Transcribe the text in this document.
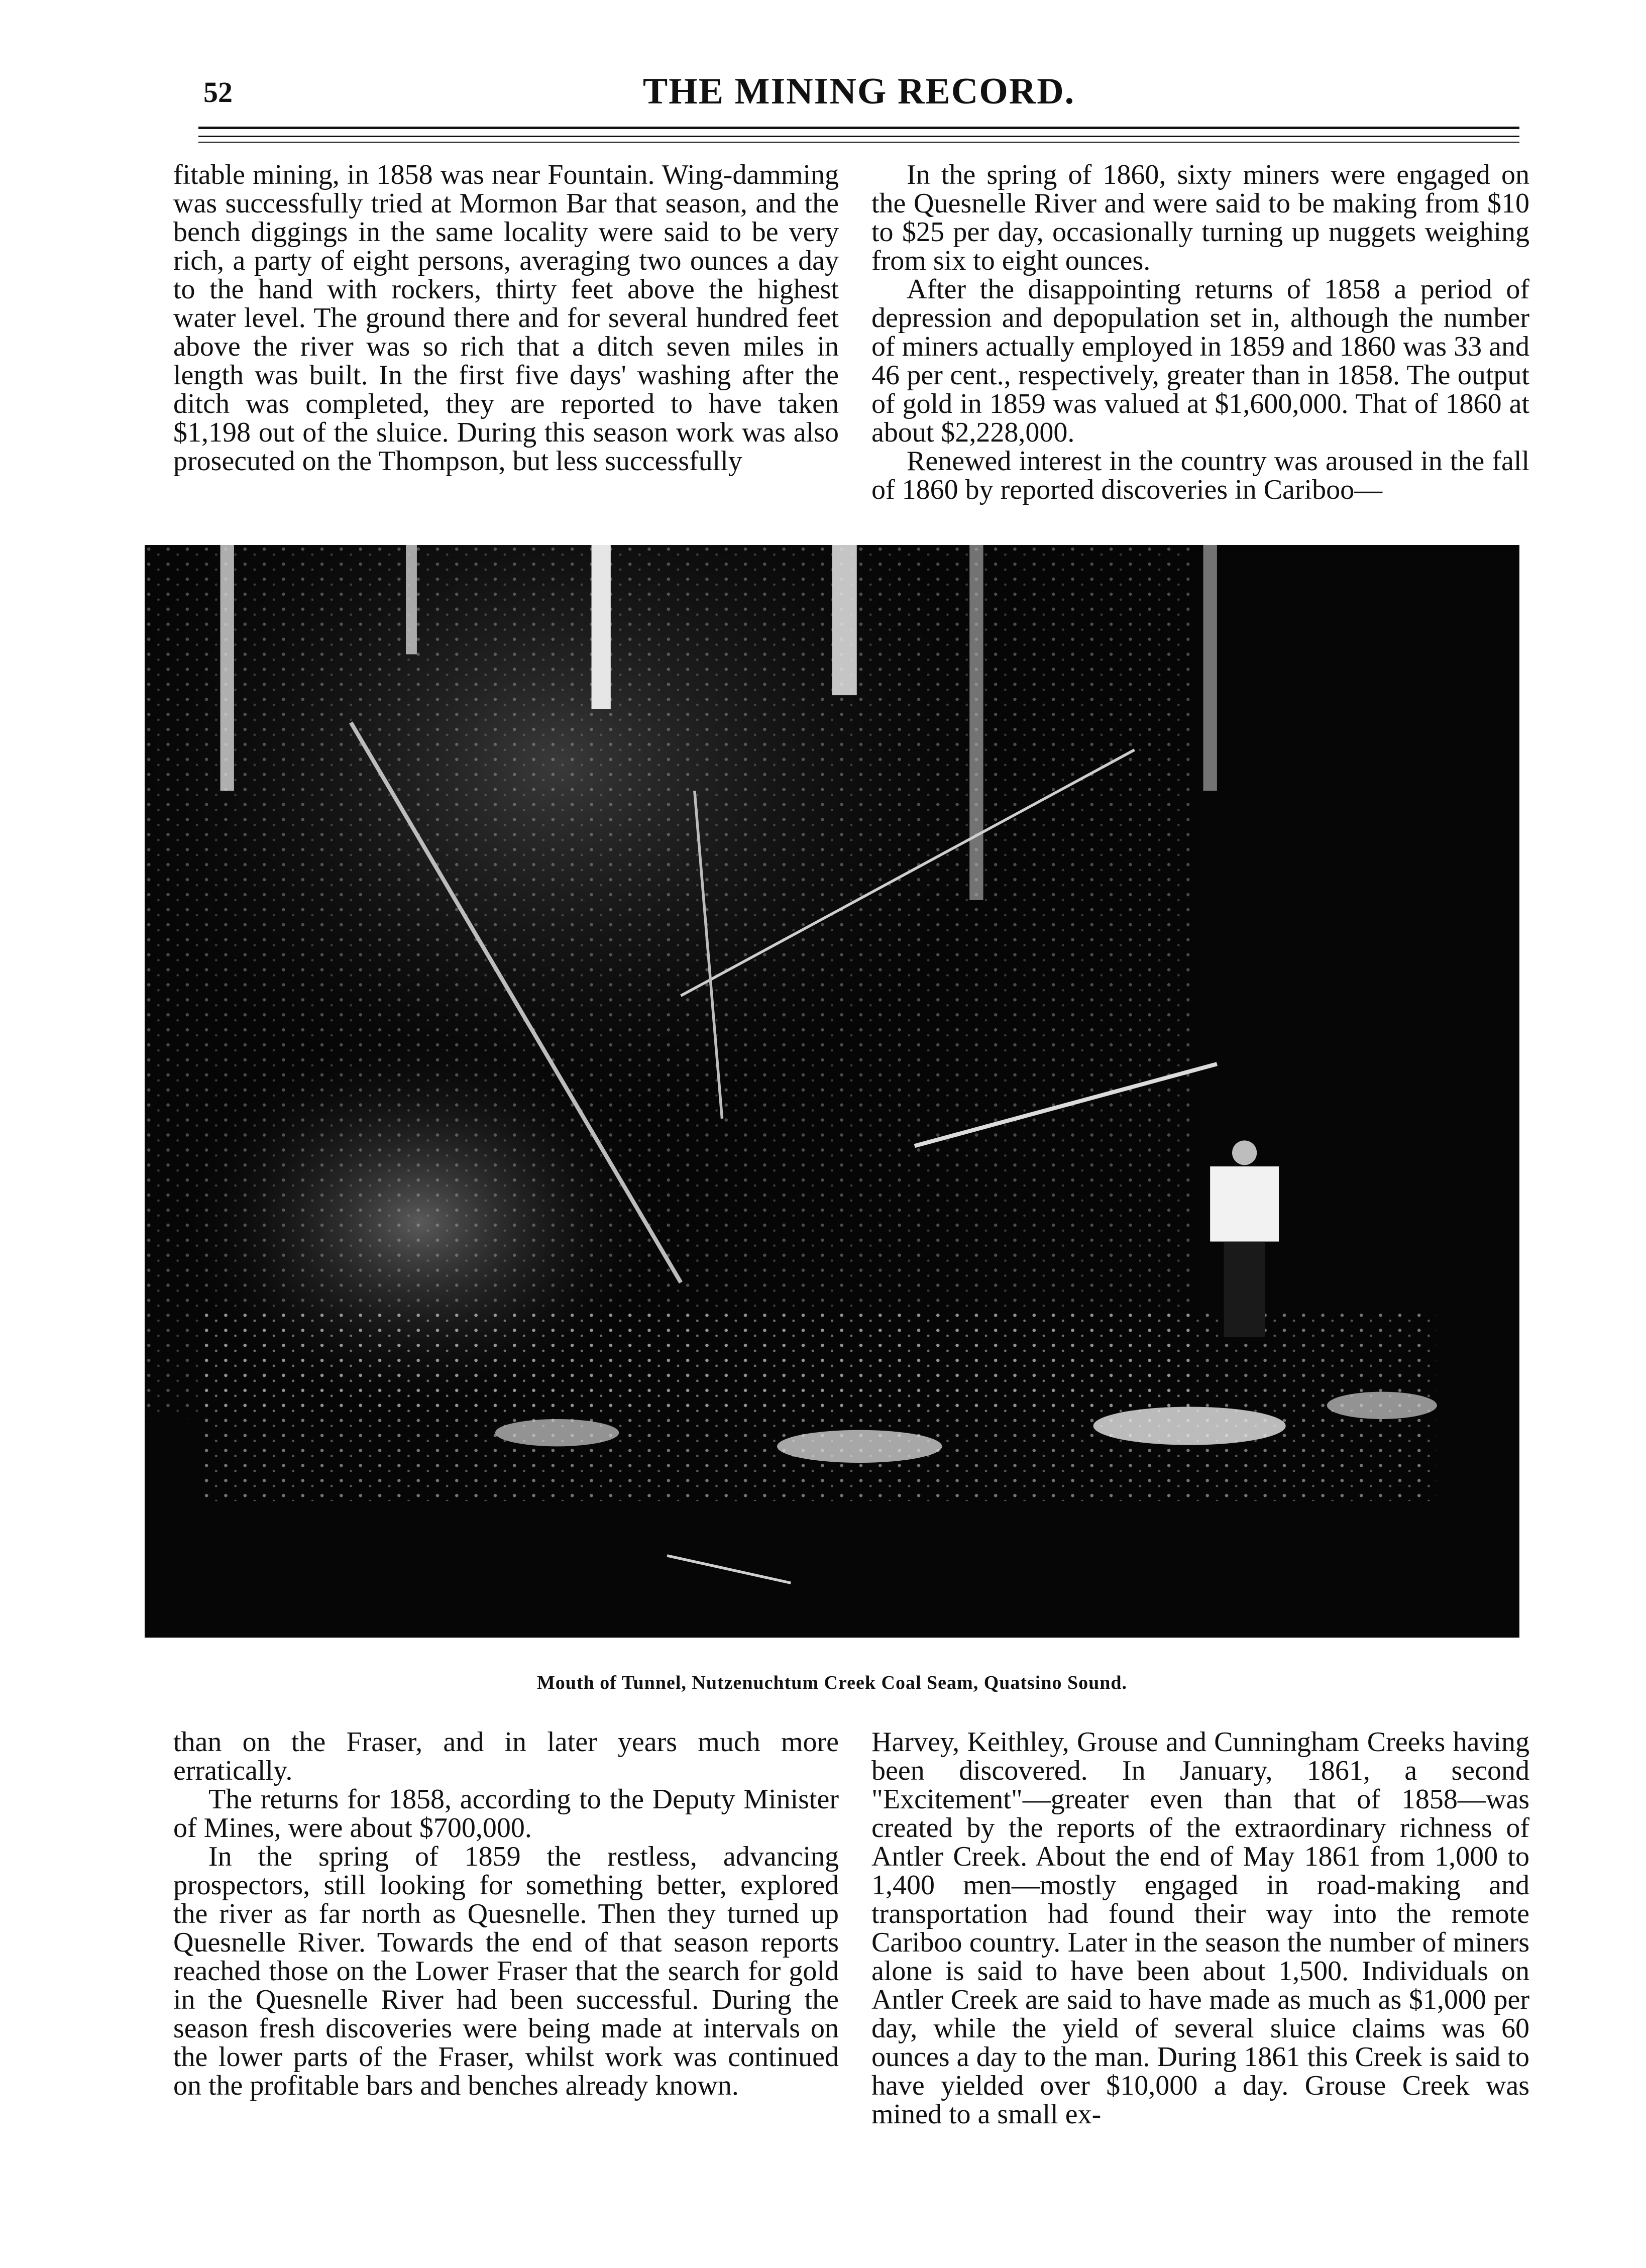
52	THE MINING RECORD.

fitable mining, in 1858 was near Fountain. Wing-damming was successfully tried at Mormon Bar that season, and the bench diggings in the same locality were said to be very rich, a party of eight persons, averaging two ounces a day to the hand with rockers, thirty feet above the highest water level. The ground there and for several hundred feet above the river was so rich that a ditch seven miles in length was built. In the first five days' washing after the ditch was completed, they are reported to have taken $1,198 out of the sluice. During this season work was also prosecuted on the Thompson, but less successfully

In the spring of 1860, sixty miners were engaged on the Quesnelle River and were said to be making from $10 to $25 per day, occasionally turning up nuggets weighing from six to eight ounces.

After the disappointing returns of 1858 a period of depression and depopulation set in, although the number of miners actually employed in 1859 and 1860 was 33 and 46 per cent., respectively, greater than in 1858. The output of gold in 1859 was valued at $1,600,000. That of 1860 at about $2,228,000.

Renewed interest in the country was aroused in the fall of 1860 by reported discoveries in Cariboo—

Mouth of Tunnel, Nutzenuchtum Creek Coal Seam, Quatsino Sound.

than on the Fraser, and in later years much more erratically.

The returns for 1858, according to the Deputy Minister of Mines, were about $700,000.

In the spring of 1859 the restless, advancing prospectors, still looking for something better, explored the river as far north as Quesnelle. Then they turned up Quesnelle River. Towards the end of that season reports reached those on the Lower Fraser that the search for gold in the Quesnelle River had been successful. During the season fresh discoveries were being made at intervals on the lower parts of the Fraser, whilst work was continued on the profitable bars and benches already known.

Harvey, Keithley, Grouse and Cunningham Creeks having been discovered. In January, 1861, a second "Excitement"—greater even than that of 1858—was created by the reports of the extraordinary richness of Antler Creek. About the end of May 1861 from 1,000 to 1,400 men—mostly engaged in road-making and transportation had found their way into the remote Cariboo country. Later in the season the number of miners alone is said to have been about 1,500. Individuals on Antler Creek are said to have made as much as $1,000 per day, while the yield of several sluice claims was 60 ounces a day to the man. During 1861 this Creek is said to have yielded over $10,000 a day. Grouse Creek was mined to a small ex-
